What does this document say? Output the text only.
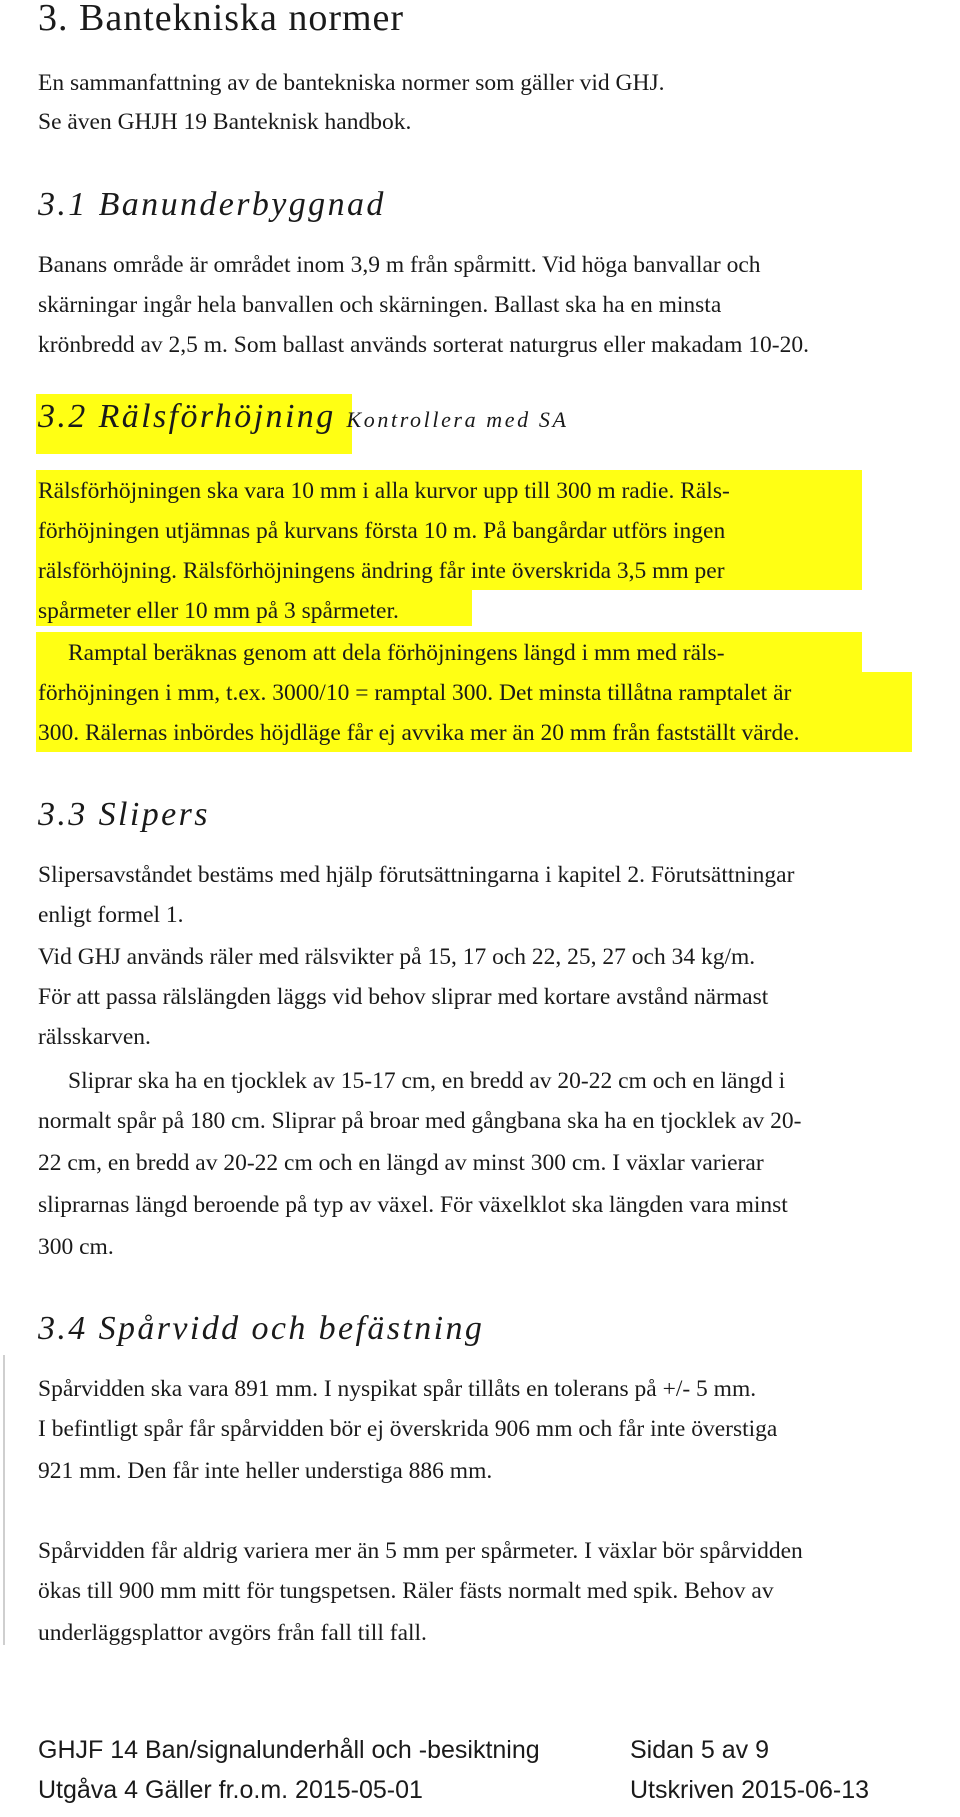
3. Bantekniska normer
En sammanfattning av de bantekniska normer som gäller vid GHJ.
Se även GHJH 19 Banteknisk handbok.
3.1 Banunderbyggnad
Banans område är området inom 3,9 m från spårmitt. Vid höga banvallar och
skärningar ingår hela banvallen och skärningen. Ballast ska ha en minsta
krönbredd av 2,5 m. Som ballast används sorterat naturgrus eller makadam 10-20.
3.2 Rälsförhöjning Kontrollera med SA
Rälsförhöjningen ska vara 10 mm i alla kurvor upp till 300 m radie. Räls-
förhöjningen utjämnas på kurvans första 10 m. På bangårdar utförs ingen
rälsförhöjning. Rälsförhöjningens ändring får inte överskrida 3,5 mm per
spårmeter eller 10 mm på 3 spårmeter.
Ramptal beräknas genom att dela förhöjningens längd i mm med räls-
förhöjningen i mm, t.ex. 3000/10 = ramptal 300. Det minsta tillåtna ramptalet är
300. Rälernas inbördes höjdläge får ej avvika mer än 20 mm från fastställt värde.
3.3 Slipers
Slipersavståndet bestäms med hjälp förutsättningarna i kapitel 2. Förutsättningar
enligt formel 1.
Vid GHJ används räler med rälsvikter på 15, 17 och 22, 25, 27 och 34 kg/m.
För att passa rälslängden läggs vid behov sliprar med kortare avstånd närmast
rälsskarven.
Sliprar ska ha en tjocklek av 15-17 cm, en bredd av 20-22 cm och en längd i
normalt spår på 180 cm. Sliprar på broar med gångbana ska ha en tjocklek av 20-
22 cm, en bredd av 20-22 cm och en längd av minst 300 cm. I växlar varierar
sliprarnas längd beroende på typ av växel. För växelklot ska längden vara minst
300 cm.
3.4 Spårvidd och befästning
Spårvidden ska vara 891 mm. I nyspikat spår tillåts en tolerans på +/- 5 mm.
I befintligt spår får spårvidden bör ej överskrida 906 mm och får inte överstiga
921 mm. Den får inte heller understiga 886 mm.
Spårvidden får aldrig variera mer än 5 mm per spårmeter. I växlar bör spårvidden
ökas till 900 mm mitt för tungspetsen. Räler fästs normalt med spik. Behov av
underläggsplattor avgörs från fall till fall.
GHJF 14 Ban/signalunderhåll och -besiktning	Sidan 5 av 9
Utgåva 4 Gäller fr.o.m. 2015-05-01	Utskriven 2015-06-13
